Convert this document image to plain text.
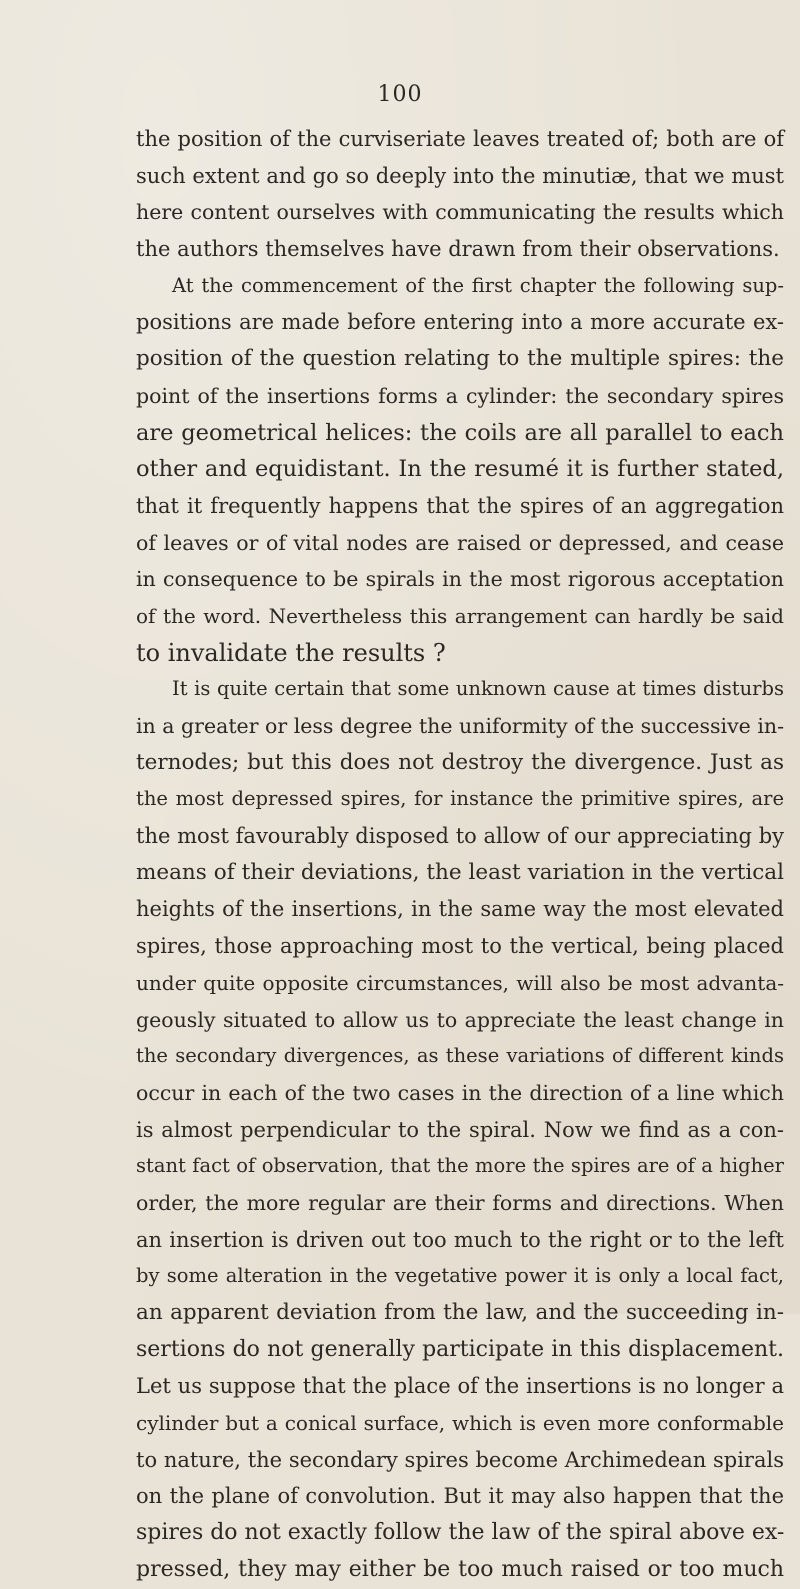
100
the position of the curviseriate leaves treated of; both are of
such extent and go so deeply into the minutiæ, that we must
here content ourselves with communicating the results which
the authors themselves have drawn from their observations.
At the commencement of the first chapter the following sup-
positions are made before entering into a more accurate ex-
position of the question relating to the multiple spires: the
point of the insertions forms a cylinder: the secondary spires
are geometrical helices: the coils are all parallel to each
other and equidistant. In the resumé it is further stated,
that it frequently happens that the spires of an aggregation
of leaves or of vital nodes are raised or depressed, and cease
in consequence to be spirals in the most rigorous acceptation
of the word. Nevertheless this arrangement can hardly be said
to invalidate the results ?
It is quite certain that some unknown cause at times disturbs
in a greater or less degree the uniformity of the successive in-
ternodes; but this does not destroy the divergence. Just as
the most depressed spires, for instance the primitive spires, are
the most favourably disposed to allow of our appreciating by
means of their deviations, the least variation in the vertical
heights of the insertions, in the same way the most elevated
spires, those approaching most to the vertical, being placed
under quite opposite circumstances, will also be most advanta-
geously situated to allow us to appreciate the least change in
the secondary divergences, as these variations of different kinds
occur in each of the two cases in the direction of a line which
is almost perpendicular to the spiral. Now we find as a con-
stant fact of observation, that the more the spires are of a higher
order, the more regular are their forms and directions. When
an insertion is driven out too much to the right or to the left
by some alteration in the vegetative power it is only a local fact,
an apparent deviation from the law, and the succeeding in-
sertions do not generally participate in this displacement.
Let us suppose that the place of the insertions is no longer a
cylinder but a conical surface, which is even more conformable
to nature, the secondary spires become Archimedean spirals
on the plane of convolution. But it may also happen that the
spires do not exactly follow the law of the spiral above ex-
pressed, they may either be too much raised or too much
